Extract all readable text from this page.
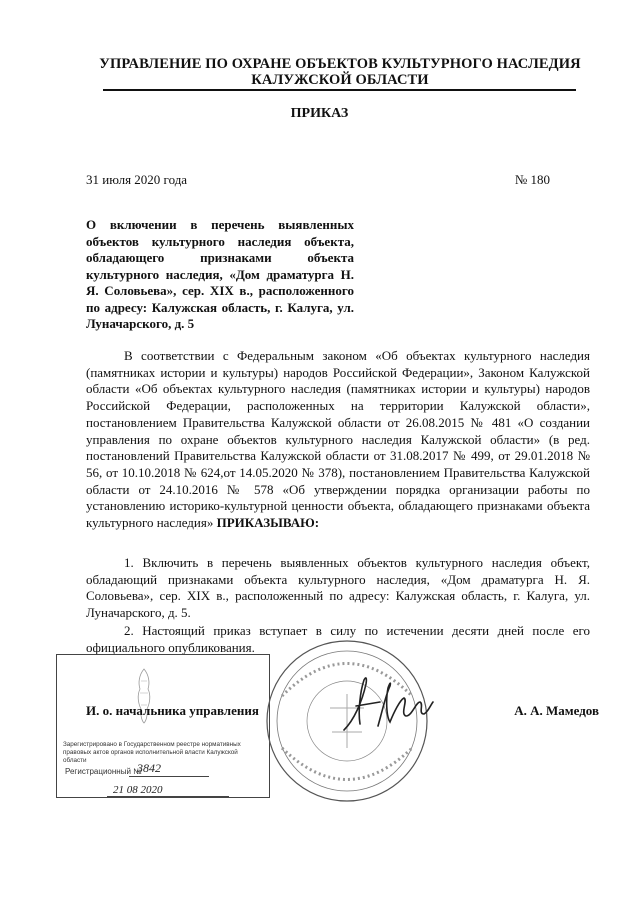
УПРАВЛЕНИЕ ПО ОХРАНЕ ОБЪЕКТОВ КУЛЬТУРНОГО НАСЛЕДИЯ
КАЛУЖСКОЙ ОБЛАСТИ
ПРИКАЗ
31 июля 2020 года	№ 180
О включении в перечень выявленных объектов культурного наследия объекта, обладающего признаками объекта культурного наследия, «Дом драматурга Н. Я. Соловьева», сер. XIX в., расположенного по адресу: Калужская область, г. Калуга, ул. Луначарского, д. 5
В соответствии с Федеральным законом «Об объектах культурного наследия (памятниках истории и культуры) народов Российской Федерации», Законом Калужской области «Об объектах культурного наследия (памятниках истории и культуры) народов Российской Федерации, расположенных на территории Калужской области», постановлением Правительства Калужской области от 26.08.2015 № 481 «О создании управления по охране объектов культурного наследия Калужской области» (в ред. постановлений Правительства Калужской области от 31.08.2017 № 499, от 29.01.2018 № 56, от 10.10.2018 № 624,от 14.05.2020 № 378), постановлением Правительства Калужской области от 24.10.2016 № 578 «Об утверждении порядка организации работы по установлению историко-культурной ценности объекта, обладающего признаками объекта культурного наследия» ПРИКАЗЫВАЮ:
1. Включить в перечень выявленных объектов культурного наследия объект, обладающий признаками объекта культурного наследия, «Дом драматурга Н. Я. Соловьева», сер. XIX в., расположенный по адресу: Калужская область, г. Калуга, ул. Луначарского, д. 5.
2. Настоящий приказ вступает в силу по истечении десяти дней после его официального опубликования.
Зарегистрировано в Государственном реестре нормативных
правовых актов органов исполнительной власти Калужской области
Регистрационный №
3842
21 08 2020
И. о. начальника управления	А. А. Мамедов
